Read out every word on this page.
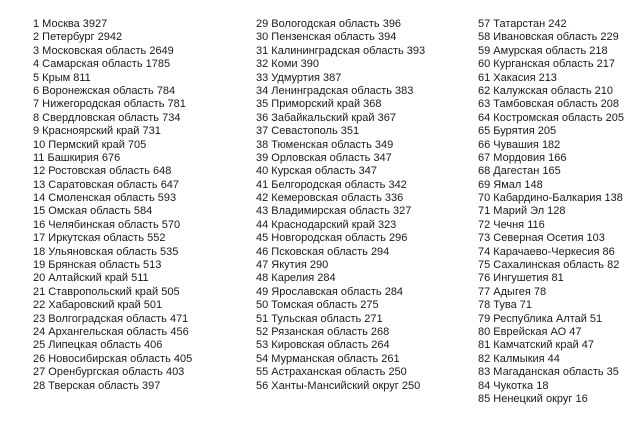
1 Москва 3927
2 Петербург 2942
3 Московская область 2649
4 Самарская область 1785
5 Крым 811
6 Воронежская область 784
7 Нижегородская область 781
8 Свердловская область 734
9 Красноярский край 731
10 Пермский край 705
11 Башкирия 676
12 Ростовская область 648
13 Саратовская область 647
14 Смоленская область 593
15 Омская область 584
16 Челябинская область 570
17 Иркутская область 552
18 Ульяновская область 535
19 Брянская область 513
20 Алтайский край 511
21 Ставропольский край 505
22 Хабаровский край 501
23 Волгоградская область 471
24 Архангельская область 456
25 Липецкая область 406
26 Новосибирская область 405
27 Оренбургская область 403
28 Тверская область 397
29 Вологодская область 396
30 Пензенская область 394
31 Калининградская область 393
32 Коми 390
33 Удмуртия 387
34 Ленинградская область 383
35 Приморский край 368
36 Забайкальский край 367
37 Севастополь 351
38 Тюменская область 349
39 Орловская область 347
40 Курская область 347
41 Белгородская область 342
42 Кемеровская область 336
43 Владимирская область 327
44 Краснодарский край 323
45 Новгородская область 296
46 Псковская область 294
47 Якутия 290
48 Карелия 284
49 Ярославская область 284
50 Томская область 275
51 Тульская область 271
52 Рязанская область 268
53 Кировская область 264
54 Мурманская область 261
55 Астраханская область 250
56 Ханты-Мансийский округ 250
57 Татарстан 242
58 Ивановская область 229
59 Амурская область 218
60 Курганская область 217
61 Хакасия 213
62 Калужская область 210
63 Тамбовская область 208
64 Костромская область 205
65 Бурятия 205
66 Чувашия 182
67 Мордовия 166
68 Дагестан 165
69 Ямал 148
70 Кабардино-Балкария 138
71 Марий Эл 128
72 Чечня 116
73 Северная Осетия 103
74 Карачаево-Черкесия 86
75 Сахалинская область 82
76 Ингушетия 81
77 Адыгея 78
78 Тува 71
79 Республика Алтай 51
80 Еврейская АО 47
81 Камчатский край 47
82 Калмыкия 44
83 Магаданская область 35
84 Чукотка 18
85 Ненецкий округ 16
